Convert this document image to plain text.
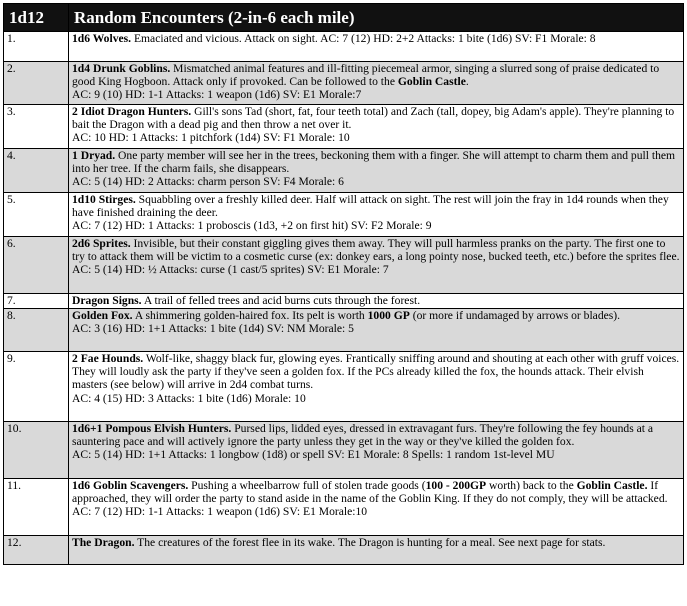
1d12	Random Encounters (2-in-6 each mile)
1.	1d6 Wolves. Emaciated and vicious. Attack on sight. AC: 7 (12) HD: 2+2 Attacks: 1 bite (1d6) SV: F1 Morale: 8
2.	1d4 Drunk Goblins. Mismatched animal features and ill-fitting piecemeal armor, singing a slurred song of praise dedicated to good King Hogboon. Attack only if provoked. Can be followed to the Goblin Castle.
AC: 9 (10) HD: 1-1 Attacks: 1 weapon (1d6) SV: E1 Morale:7
3.	2 Idiot Dragon Hunters. Gill's sons Tad (short, fat, four teeth total) and Zach (tall, dopey, big Adam's apple). They're planning to bait the Dragon with a dead pig and then throw a net over it.
AC: 10 HD: 1 Attacks: 1 pitchfork (1d4) SV: F1 Morale: 10
4.	1 Dryad. One party member will see her in the trees, beckoning them with a finger. She will attempt to charm them and pull them into her tree. If the charm fails, she disappears.
AC: 5 (14) HD: 2 Attacks: charm person SV: F4 Morale: 6
5.	1d10 Stirges. Squabbling over a freshly killed deer. Half will attack on sight. The rest will join the fray in 1d4 rounds when they have finished draining the deer.
AC: 7 (12) HD: 1 Attacks: 1 proboscis (1d3, +2 on first hit) SV: F2 Morale: 9
6.	2d6 Sprites. Invisible, but their constant giggling gives them away. They will pull harmless pranks on the party. The first one to try to attack them will be victim to a cosmetic curse (ex: donkey ears, a long pointy nose, bucked teeth, etc.) before the sprites flee.
AC: 5 (14) HD: ½ Attacks: curse (1 cast/5 sprites) SV: E1 Morale: 7
7.	Dragon Signs. A trail of felled trees and acid burns cuts through the forest.
8.	Golden Fox. A shimmering golden-haired fox. Its pelt is worth 1000 GP (or more if undamaged by arrows or blades).
AC: 3 (16) HD: 1+1 Attacks: 1 bite (1d4) SV: NM Morale: 5
9.	2 Fae Hounds. Wolf-like, shaggy black fur, glowing eyes. Frantically sniffing around and shouting at each other with gruff voices. They will loudly ask the party if they've seen a golden fox. If the PCs already killed the fox, the hounds attack. Their elvish masters (see below) will arrive in 2d4 combat turns.
AC: 4 (15) HD: 3 Attacks: 1 bite (1d6) Morale: 10
10.	1d6+1 Pompous Elvish Hunters. Pursed lips, lidded eyes, dressed in extravagant furs. They're following the fey hounds at a sauntering pace and will actively ignore the party unless they get in the way or they've killed the golden fox.
AC: 5 (14) HD: 1+1 Attacks: 1 longbow (1d8) or spell SV: E1 Morale: 8 Spells: 1 random 1st-level MU
11.	1d6 Goblin Scavengers. Pushing a wheelbarrow full of stolen trade goods (100 - 200GP worth) back to the Goblin Castle. If approached, they will order the party to stand aside in the name of the Goblin King. If they do not comply, they will be attacked.
AC: 7 (12) HD: 1-1 Attacks: 1 weapon (1d6) SV: E1 Morale:10
12.	The Dragon. The creatures of the forest flee in its wake. The Dragon is hunting for a meal. See next page for stats.
